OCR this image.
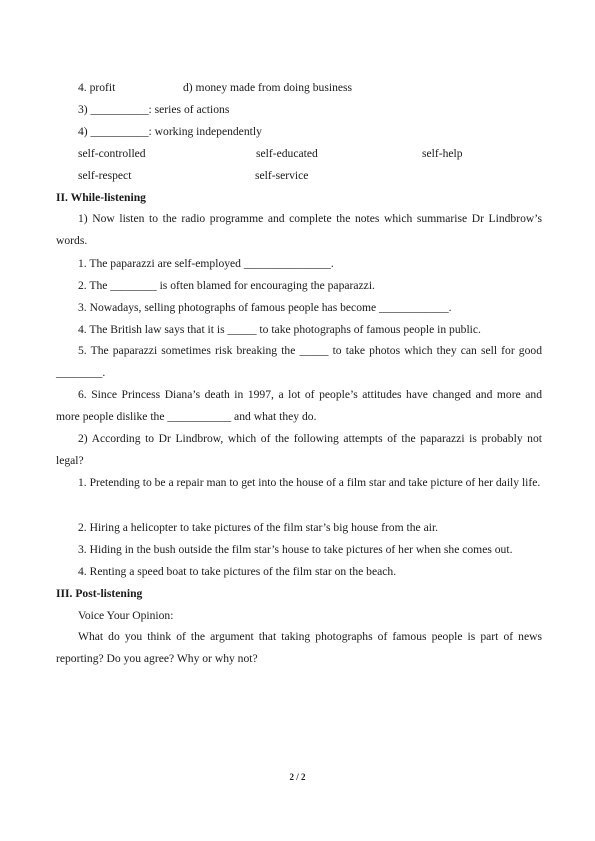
4. profit	d) money made from doing business
3) __________: series of actions
4) __________: working independently
self-controlled	self-educated	self-help
self-respect	self-service
II. While-listening
1) Now listen to the radio programme and complete the notes which summarise Dr Lindbrow’s words.
1. The paparazzi are self-employed _______________.
2. The ________ is often blamed for encouraging the paparazzi.
3. Nowadays, selling photographs of famous people has become ____________.
4. The British law says that it is _____ to take photographs of famous people in public.
5. The paparazzi sometimes risk breaking the _____ to take photos which they can sell for good ________.
6. Since Princess Diana’s death in 1997, a lot of people’s attitudes have changed and more and more people dislike the ___________ and what they do.
2) According to Dr Lindbrow, which of the following attempts of the paparazzi is probably not legal?
1. Pretending to be a repair man to get into the house of a film star and take picture of her daily life.
2. Hiring a helicopter to take pictures of the film star’s big house from the air.
3. Hiding in the bush outside the film star’s house to take pictures of her when she comes out.
4. Renting a speed boat to take pictures of the film star on the beach.
III. Post-listening
Voice Your Opinion:
What do you think of the argument that taking photographs of famous people is part of news reporting? Do you agree? Why or why not?
2 / 2
